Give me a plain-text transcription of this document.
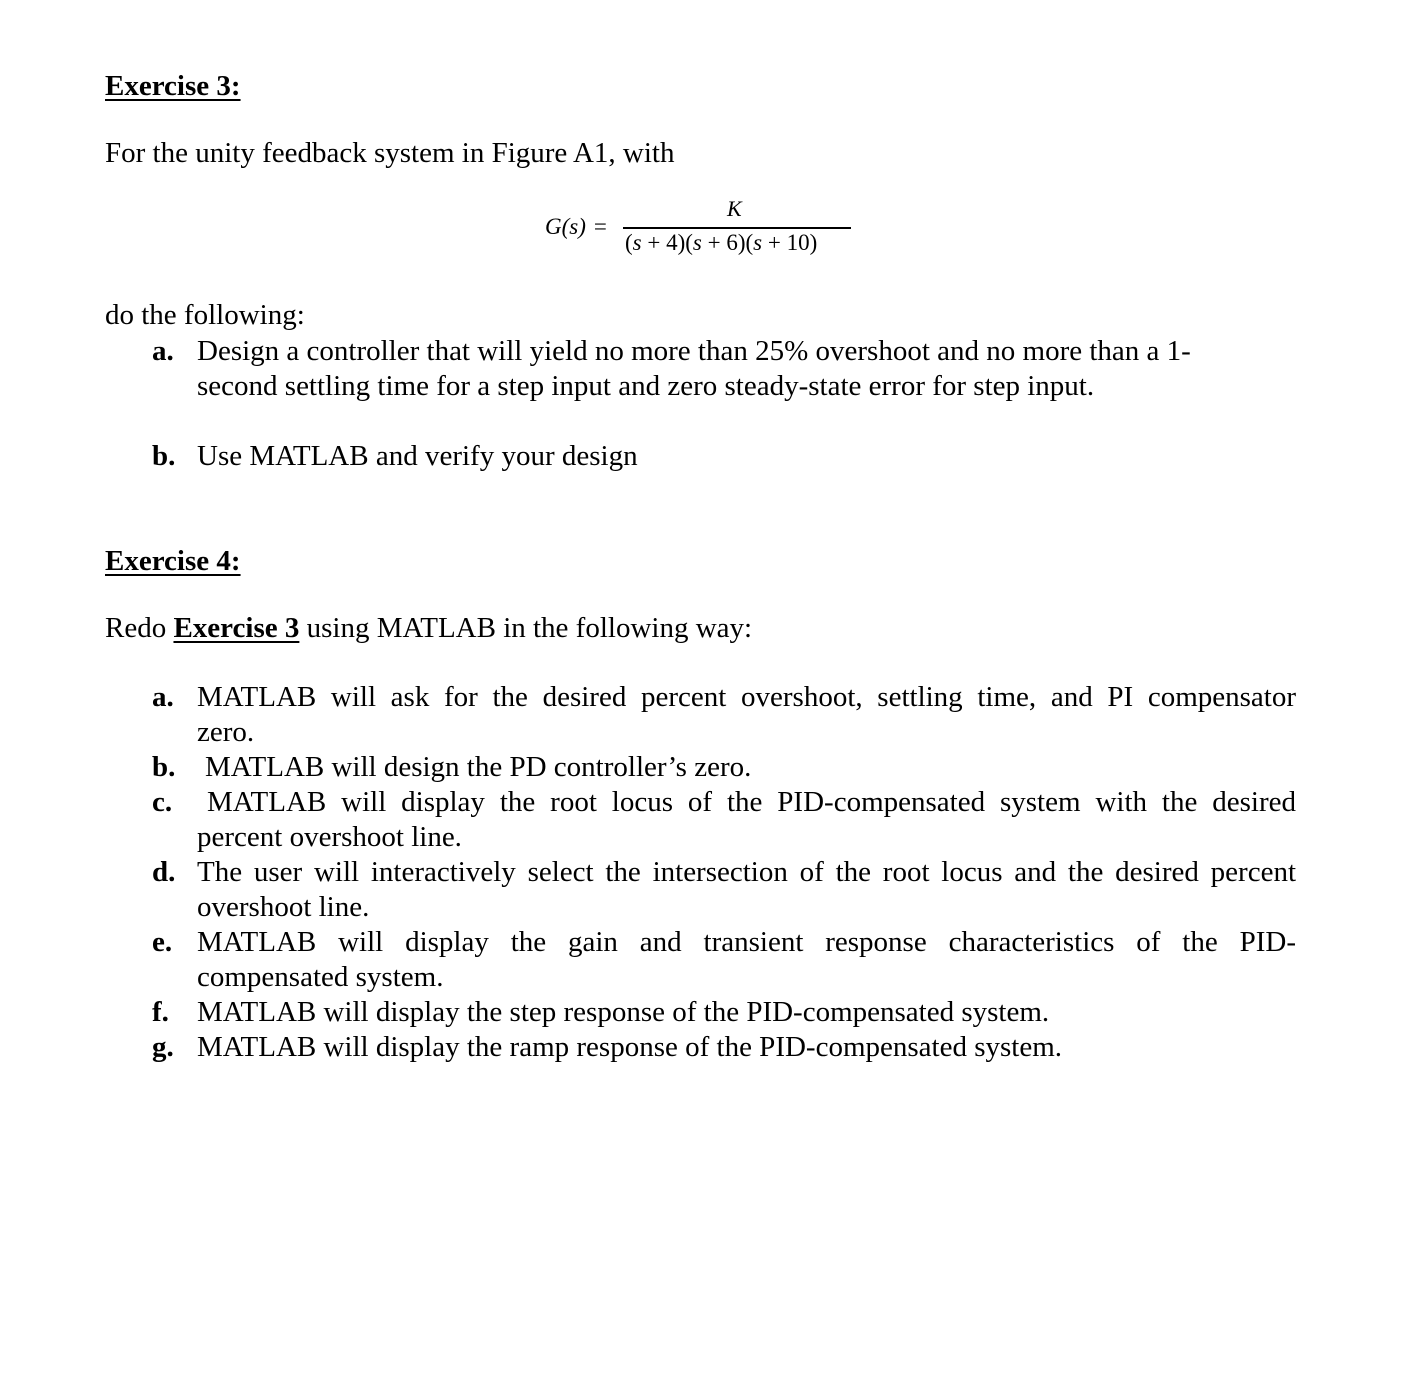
Exercise 3:
For the unity feedback system in Figure A1, with
G(s) =
K
(s + 4)(s + 6)(s + 10)
do the following:
a. Design a controller that will yield no more than 25% overshoot and no more than a 1-
second settling time for a step input and zero steady-state error for step input.
b. Use MATLAB and verify your design
Exercise 4:
Redo Exercise 3 using MATLAB in the following way:
a. MATLAB will ask for the desired percent overshoot, settling time, and PI compensator
zero.
b. MATLAB will design the PD controller’s zero.
c.	MATLAB will display the root locus of the PID-compensated system with the desired
percent overshoot line.
d. The user will interactively select the intersection of the root locus and the desired percent
overshoot line.
e. MATLAB will display the gain and transient response characteristics of the PID-
compensated system.
f. MATLAB will display the step response of the PID-compensated system.
g. MATLAB will display the ramp response of the PID-compensated system.
